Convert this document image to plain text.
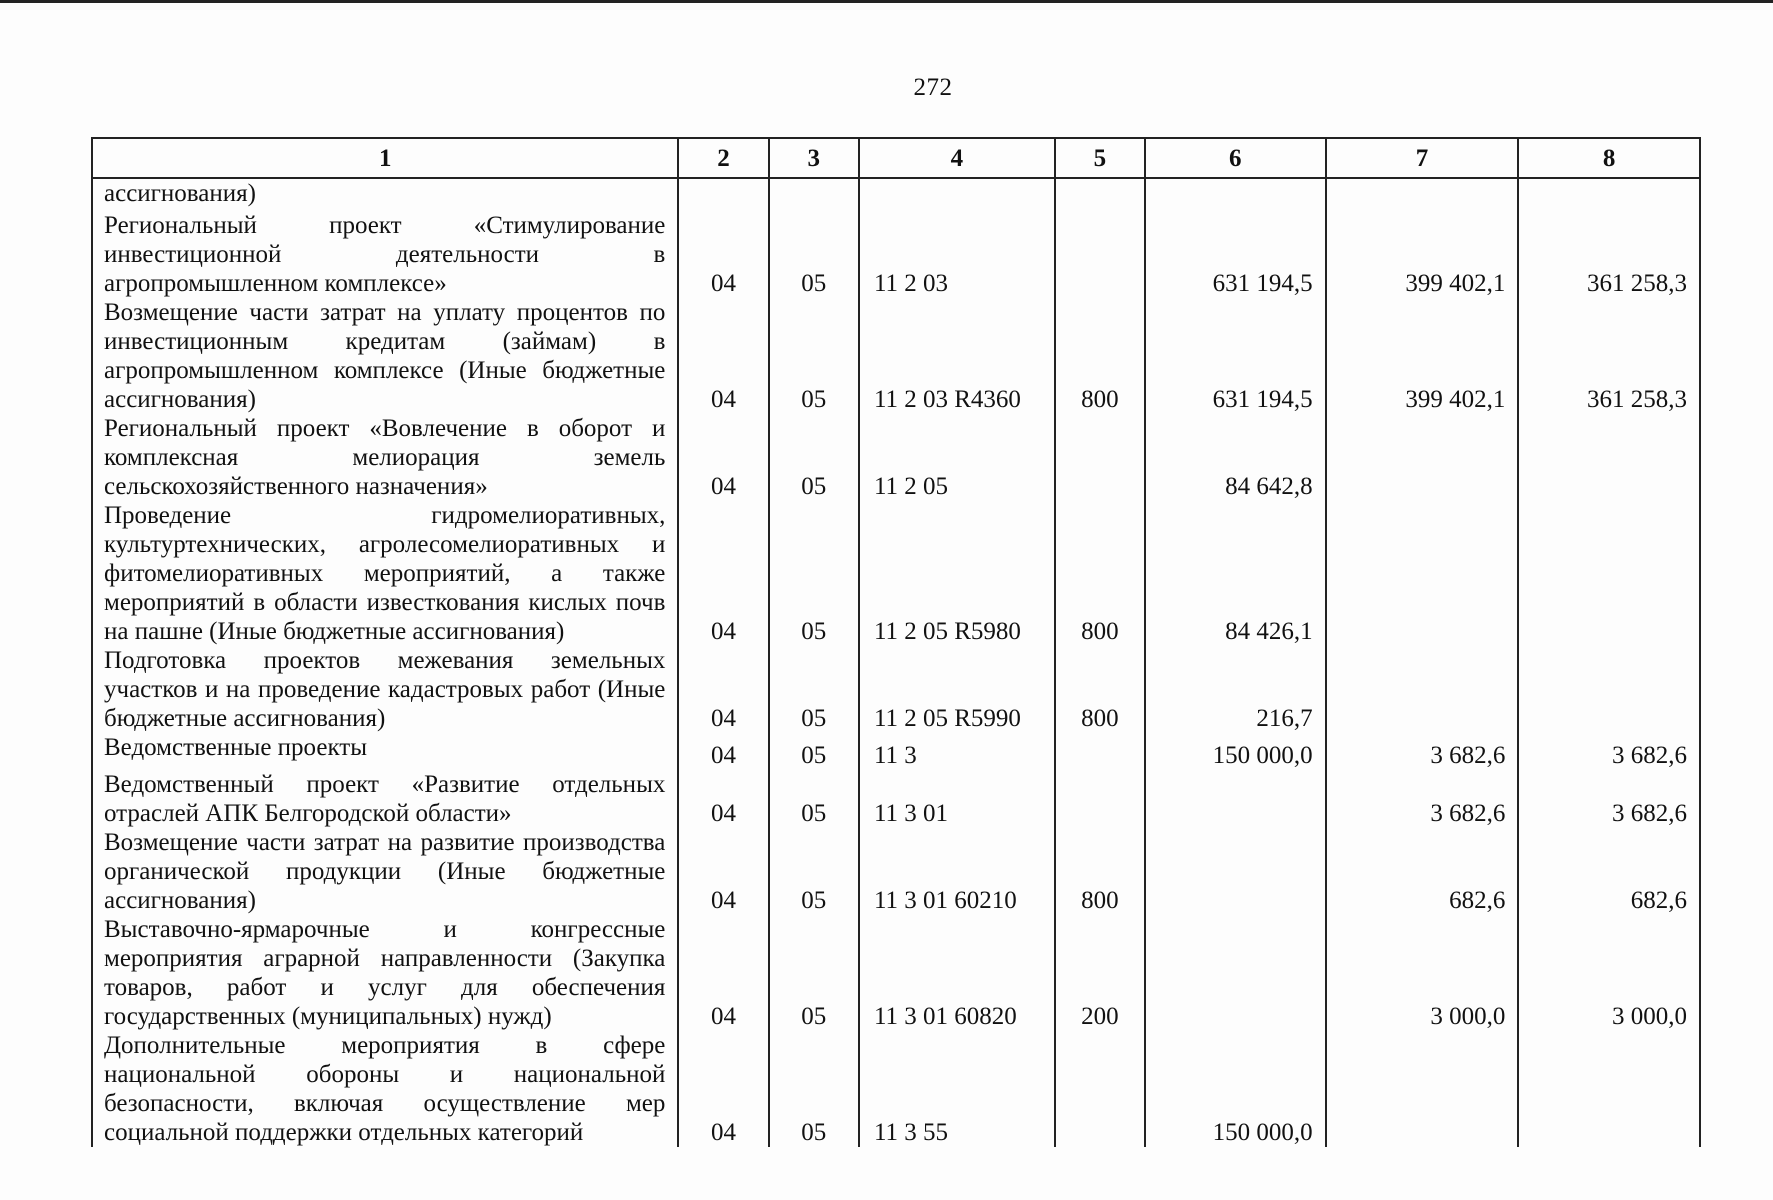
272
1	2	3	4	5	6	7	8
ассигнования)							
Региональный проект «Стимулирование инвестиционной деятельности в агропромышленном комплексе»	04	05	11 2 03		631 194,5	399 402,1	361 258,3
Возмещение части затрат на уплату процентов по инвестиционным кредитам (займам) в агропромышленном комплексе (Иные бюджетные ассигнования)	04	05	11 2 03 R4360	800	631 194,5	399 402,1	361 258,3
Региональный проект «Вовлечение в оборот и комплексная мелиорация земель сельскохозяйственного назначения»	04	05	11 2 05		84 642,8		
Проведение гидромелиоративных, культуртехнических, агролесомелиоративных и фитомелиоративных мероприятий, а также мероприятий в области известкования кислых почв на пашне (Иные бюджетные ассигнования)	04	05	11 2 05 R5980	800	84 426,1		
Подготовка проектов межевания земельных участков и на проведение кадастровых работ (Иные бюджетные ассигнования)	04	05	11 2 05 R5990	800	216,7		
Ведомственные проекты	04	05	11 3		150 000,0	3 682,6	3 682,6
Ведомственный проект «Развитие отдельных отраслей АПК Белгородской области»	04	05	11 3 01			3 682,6	3 682,6
Возмещение части затрат на развитие производства органической продукции (Иные бюджетные ассигнования)	04	05	11 3 01 60210	800		682,6	682,6
Выставочно-ярмарочные и конгрессные мероприятия аграрной направленности (Закупка товаров, работ и услуг для обеспечения государственных (муниципальных) нужд)	04	05	11 3 01 60820	200		3 000,0	3 000,0
Дополнительные мероприятия в сфере национальной обороны и национальной безопасности, включая осуществление мер социальной поддержки отдельных категорий	04	05	11 3 55		150 000,0		
